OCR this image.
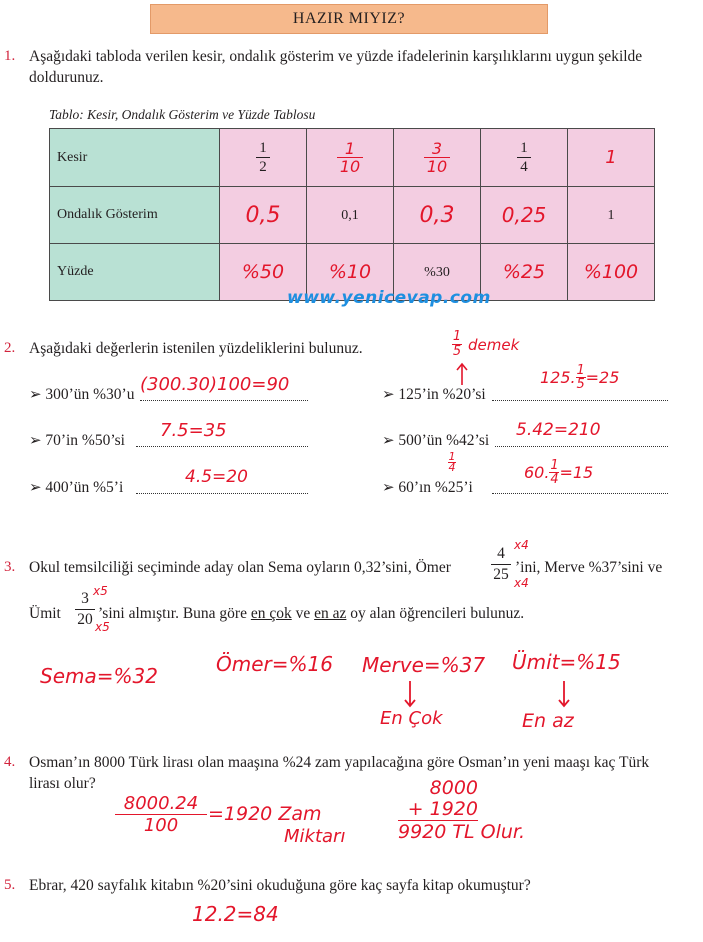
HAZIR MIYIZ?
1. Aşağıdaki tabloda verilen kesir, ondalık gösterim ve yüzde ifadelerinin karşılıklarını uygun şekilde
doldurunuz.
Tablo: Kesir, Ondalık Gösterim ve Yüzde Tablosu
Kesir	$\frac{1}{2}$	$\frac{1}{10}$	$\frac{3}{10}$	$\frac{1}{4}$	1
Ondalık Gösterim	0,5	0,1	0,3	0,25	1
Yüzde	%50	%10	%30	%25	%100
www.yenicevap.com
2. Aşağıdaki değerlerin istenilen yüzdeliklerini bulunuz.
1
5 demek
➢ 300’ün %30’u (300.30)100=90
➢ 70’in %50’si 7.5=35
➢ 400’ün %5’i
4.5=20
➢ 125’in %20’si
125. 1
5 =25
➢ 500’ün %42’si
5.42=210
1
4
➢ 60’ın %25’i
60. 1
4 =15
3. Okul temsilciliği seçiminde aday olan Sema oyların 0,32’sini, Ömer
4
25
x4
x4
’ini, Merve %37’sini ve
Ümit
3
20
x5
x5
’sini almıştır. Buna göre en çok ve en az oy alan öğrencileri bulunuz.
Sema=%32	Ömer=%16 Merve=%37 Ümit=%15
En Çok	En az
4. Osman’ın 8000 Türk lirası olan maaşına %24 zam yapılacağına göre Osman’ın yeni maaşı kaç Türk
lirası olur?
8000.24
100
=1920 Zam
Miktarı
8000
+ 1920
9920 TL Olur.
5. Ebrar, 420 sayfalık kitabın %20’sini okuduğuna göre kaç sayfa kitap okumuştur?
12.2=84
